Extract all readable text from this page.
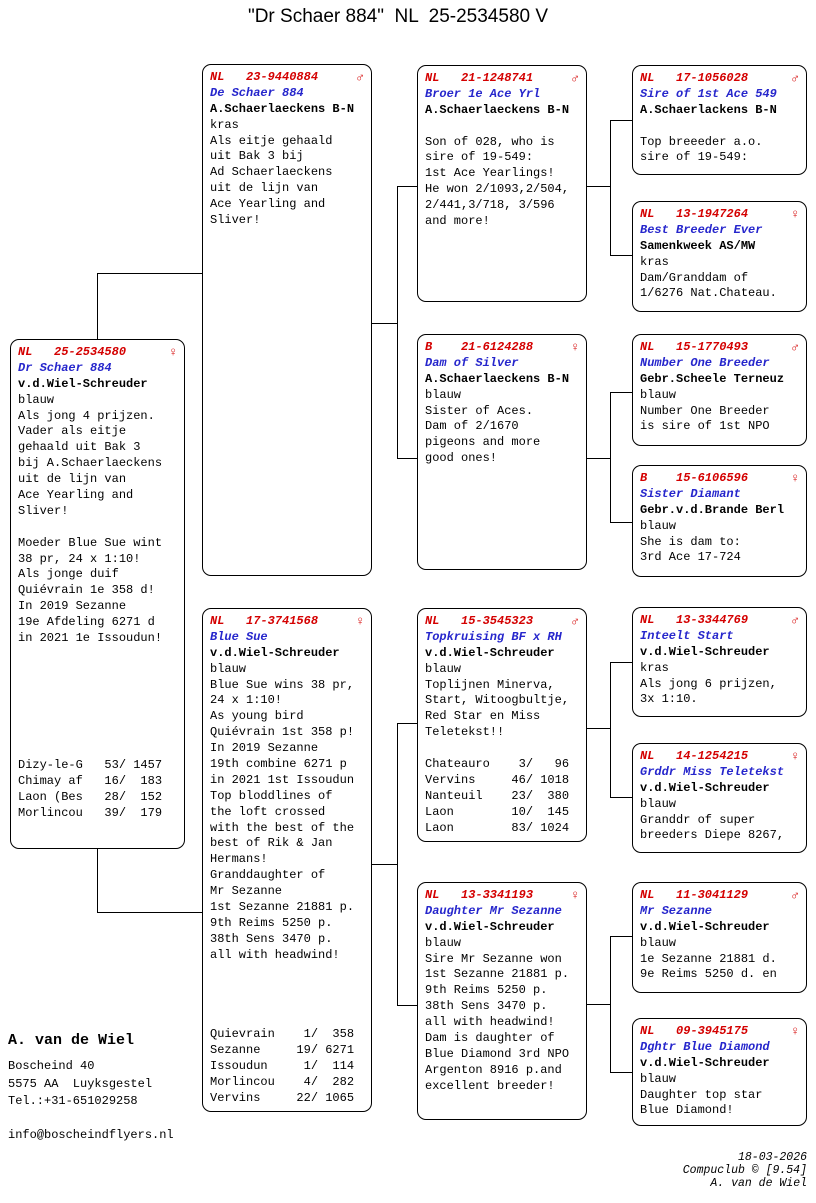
"Dr Schaer 884"  NL  25-2534580 V
NL   25-2534580	♀
Dr Schaer 884
v.d.Wiel-Schreuder
blauw
Als jong 4 prijzen.
Vader als eitje
gehaald uit Bak 3
bij A.Schaerlaeckens
uit de lijn van
Ace Yearling and
Sliver!
Moeder Blue Sue wint
38 pr, 24 x 1:10!
Als jonge duif
Quiévrain 1e 358 d!
In 2019 Sezanne
19e Afdeling 6271 d
in 2021 1e Issoudun!
Dizy-le-G   53/ 1457
Chimay af   16/  183
Laon (Bes   28/  152
Morlincou   39/  179
NL   23-9440884	♂
De Schaer 884
A.Schaerlaeckens B-N
kras
Als eitje gehaald
uit Bak 3 bij
Ad Schaerlaeckens
uit de lijn van
Ace Yearling and
Sliver!
NL   17-3741568	♀
Blue Sue
v.d.Wiel-Schreuder
blauw
Blue Sue wins 38 pr,
24 x 1:10!
As young bird
Quiévrain 1st 358 p!
In 2019 Sezanne
19th combine 6271 p
in 2021 1st Issoudun
Top bloddlines of
the loft crossed
with the best of the
best of Rik & Jan
Hermans!
Granddaughter of
Mr Sezanne
1st Sezanne 21881 p.
9th Reims 5250 p.
38th Sens 3470 p.
all with headwind!
Quievrain    1/  358
Sezanne     19/ 6271
Issoudun     1/  114
Morlincou    4/  282
Vervins     22/ 1065
NL   21-1248741	♂
Broer 1e Ace Yrl
A.Schaerlaeckens B-N
Son of 028, who is
sire of 19-549:
1st Ace Yearlings!
He won 2/1093,2/504,
2/441,3/718, 3/596
and more!
B    21-6124288	♀
Dam of Silver
A.Schaerlaeckens B-N
blauw
Sister of Aces.
Dam of 2/1670
pigeons and more
good ones!
NL   15-3545323	♂
Topkruising BF x RH
v.d.Wiel-Schreuder
blauw
Toplijnen Minerva,
Start, Witoogbultje,
Red Star en Miss
Teletekst!!
Chateauro    3/   96
Vervins     46/ 1018
Nanteuil    23/  380
Laon        10/  145
Laon        83/ 1024
NL   13-3341193	♀
Daughter Mr Sezanne
v.d.Wiel-Schreuder
blauw
Sire Mr Sezanne won
1st Sezanne 21881 p.
9th Reims 5250 p.
38th Sens 3470 p.
all with headwind!
Dam is daughter of
Blue Diamond 3rd NPO
Argenton 8916 p.and
excellent breeder!
NL   17-1056028	♂
Sire of 1st Ace 549
A.Schaerlackens B-N
Top breeeder a.o.
sire of 19-549:
NL   13-1947264	♀
Best Breeder Ever
Samenkweek AS/MW
kras
Dam/Granddam of
1/6276 Nat.Chateau.
NL   15-1770493	♂
Number One Breeder
Gebr.Scheele Terneuz
blauw
Number One Breeder
is sire of 1st NPO
B    15-6106596	♀
Sister Diamant
Gebr.v.d.Brande Berl
blauw
She is dam to:
3rd Ace 17-724
NL   13-3344769	♂
Inteelt Start
v.d.Wiel-Schreuder
kras
Als jong 6 prijzen,
3x 1:10.
NL   14-1254215	♀
Grddr Miss Teletekst
v.d.Wiel-Schreuder
blauw
Granddr of super
breeders Diepe 8267,
NL   11-3041129	♂
Mr Sezanne
v.d.Wiel-Schreuder
blauw
1e Sezanne 21881 d.
9e Reims 5250 d. en
NL   09-3945175	♀
Dghtr Blue Diamond
v.d.Wiel-Schreuder
blauw
Daughter top star
Blue Diamond!
A. van de Wiel
Boscheind 40
5575 AA  Luyksgestel
Tel.:+31-651029258
info@boscheindflyers.nl

18-03-2026
Compuclub © [9.54]
A. van de Wiel
